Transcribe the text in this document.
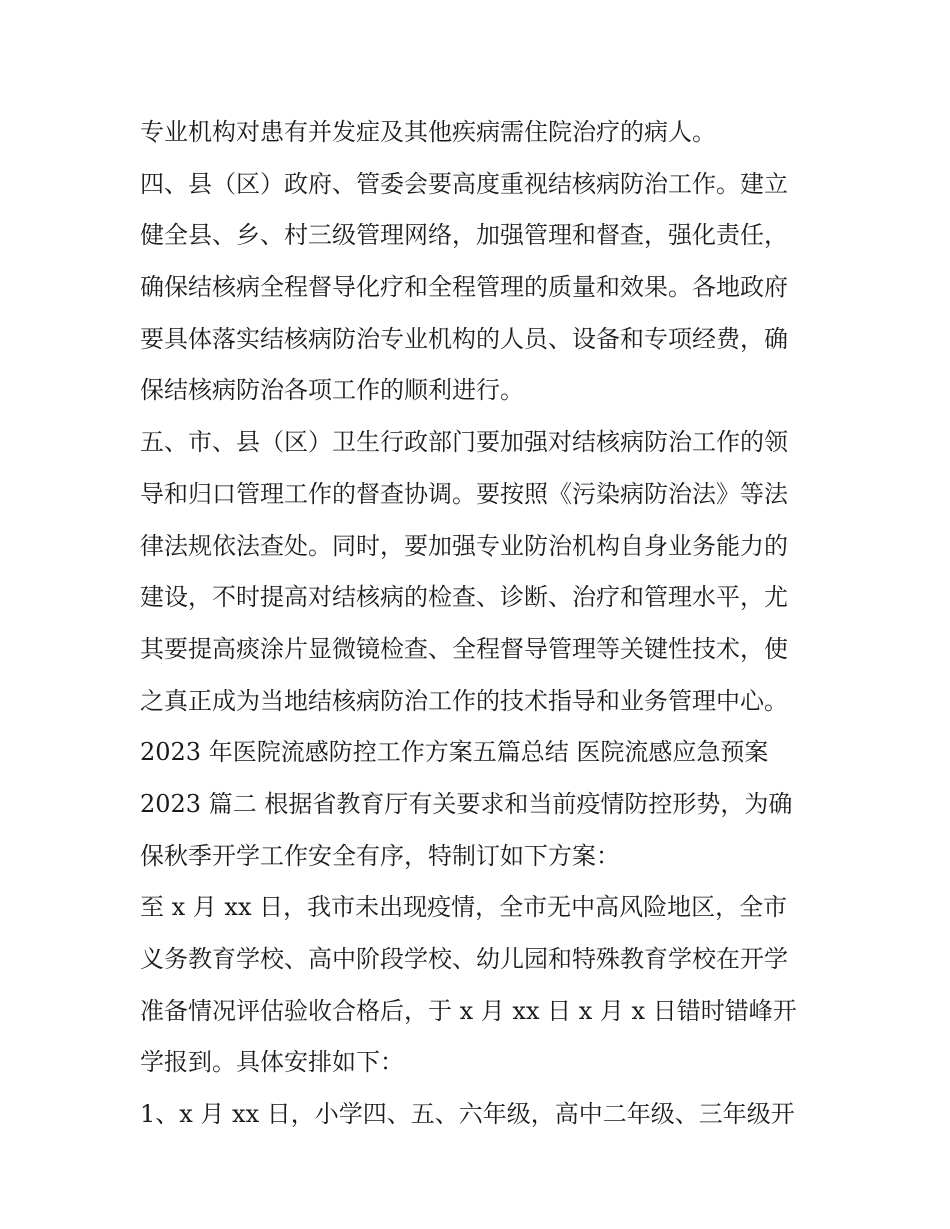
专业机构对患有并发症及其他疾病需住院治疗的病人。
四、县（区）政府、管委会要高度重视结核病防治工作。建立
健全县、乡、村三级管理网络，加强管理和督查，强化责任，
确保结核病全程督导化疗和全程管理的质量和效果。各地政府
要具体落实结核病防治专业机构的人员、设备和专项经费，确
保结核病防治各项工作的顺利进行。
五、市、县（区）卫生行政部门要加强对结核病防治工作的领
导和归口管理工作的督查协调。要按照《污染病防治法》等法
律法规依法查处。同时，要加强专业防治机构自身业务能力的
建设，不时提高对结核病的检查、诊断、治疗和管理水平，尤
其要提高痰涂片显微镜检查、全程督导管理等关键性技术，使
之真正成为当地结核病防治工作的技术指导和业务管理中心。
2023 年医院流感防控工作方案五篇总结 医院流感应急预案
2023 篇二 根据省教育厅有关要求和当前疫情防控形势，为确
保秋季开学工作安全有序，特制订如下方案：
至 x 月 xx 日，我市未出现疫情，全市无中高风险地区，全市
义务教育学校、高中阶段学校、幼儿园和特殊教育学校在开学
准备情况评估验收合格后，于 x 月 xx 日 x 月 x 日错时错峰开
学报到。具体安排如下：
1、x 月 xx 日，小学四、五、六年级，高中二年级、三年级开
